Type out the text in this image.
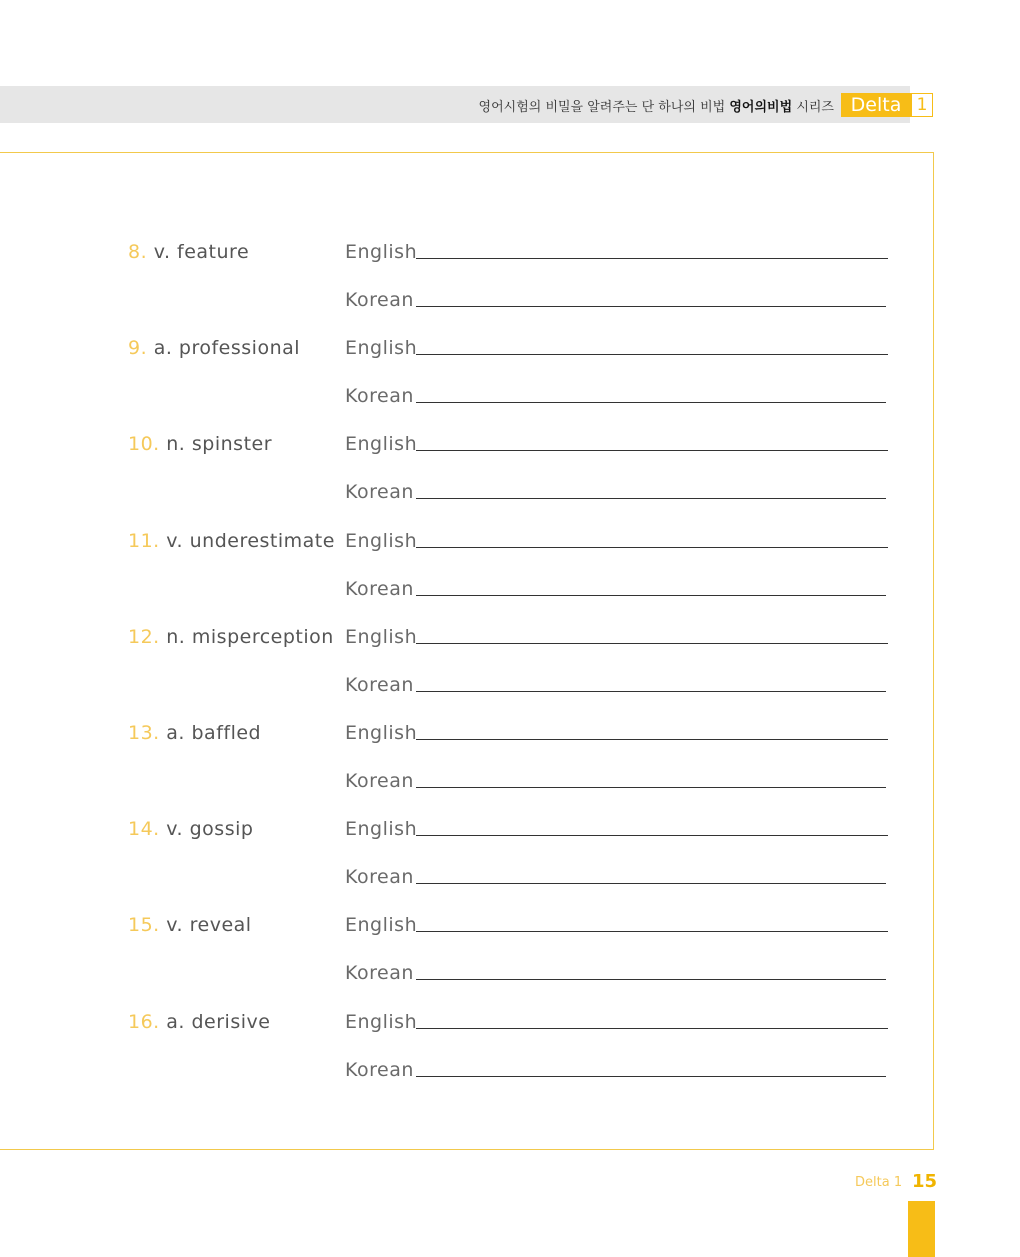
영어시험의 비밀을 알려주는 단 하나의 비법 영어의비법 시리즈 Delta 1
8. v. feature	English
Korean
9. a. professional English
Korean
10. n. spinster	English
Korean
11. v. underestimate English
Korean
12. n. misperception English
Korean
13. a. baffled	English
Korean
14. v. gossip	English
Korean
15. v. reveal	English
Korean
16. a. derisive	English
Korean
Delta 1 15
